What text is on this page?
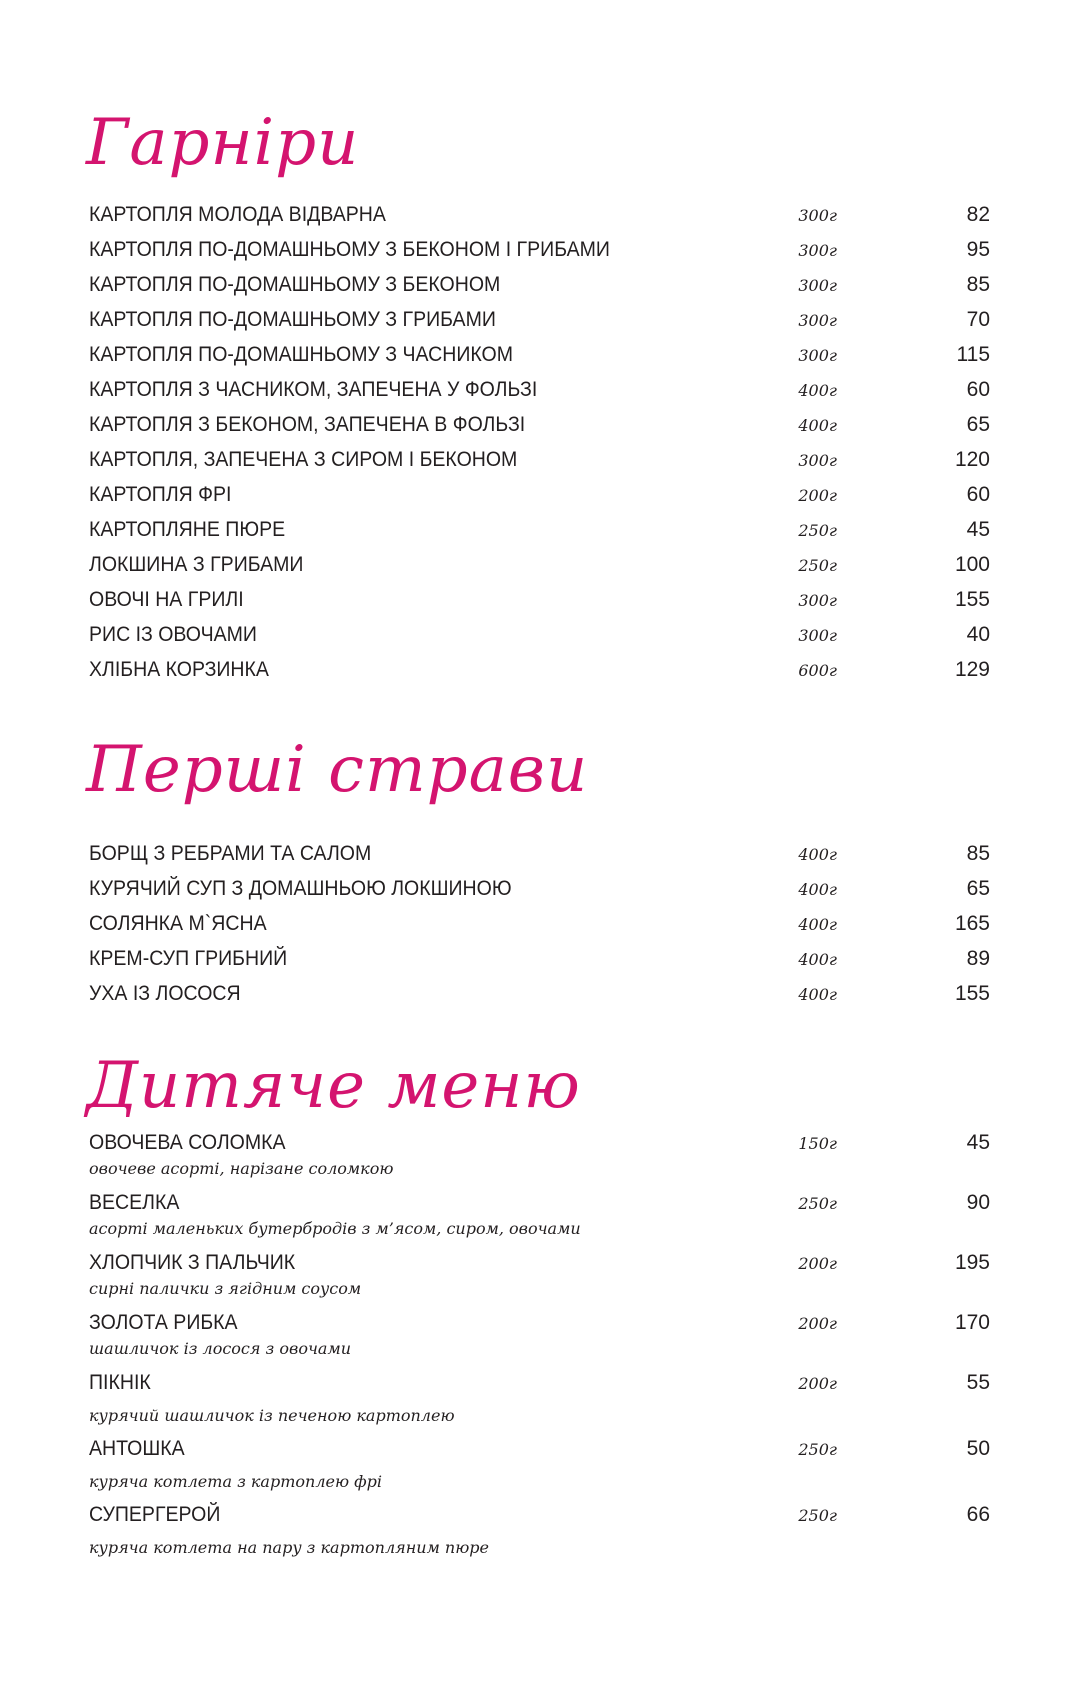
Гарніри
КАРТОПЛЯ МОЛОДА ВІДВАРНА	300г	82
КАРТОПЛЯ ПО-ДОМАШНЬОМУ З БЕКОНОМ І ГРИБАМИ	300г	95
КАРТОПЛЯ ПО-ДОМАШНЬОМУ З БЕКОНОМ	300г	85
КАРТОПЛЯ ПО-ДОМАШНЬОМУ З ГРИБАМИ	300г	70
КАРТОПЛЯ ПО-ДОМАШНЬОМУ З ЧАСНИКОМ	300г	115
КАРТОПЛЯ З ЧАСНИКОМ, ЗАПЕЧЕНА У ФОЛЬЗІ	400г	60
КАРТОПЛЯ З БЕКОНОМ, ЗАПЕЧЕНА В ФОЛЬЗІ	400г	65
КАРТОПЛЯ, ЗАПЕЧЕНА З СИРОМ І БЕКОНОМ	300г	120
КАРТОПЛЯ ФРІ	200г	60
КАРТОПЛЯНЕ ПЮРЕ	250г	45
ЛОКШИНА З ГРИБАМИ	250г	100
ОВОЧІ НА ГРИЛІ	300г	155
РИС ІЗ ОВОЧАМИ	300г	40
ХЛІБНА КОРЗИНКА	600г	129
Перші страви
БОРЩ З РЕБРАМИ ТА САЛОМ	400г	85
КУРЯЧИЙ СУП З ДОМАШНЬОЮ ЛОКШИНОЮ	400г	65
СОЛЯНКА М`ЯСНА	400г	165
КРЕМ-СУП ГРИБНИЙ	400г	89
УХА ІЗ ЛОСОСЯ	400г	155
Дитяче меню
ОВОЧЕВА СОЛОМКА	150г	45
овочеве асорті, нарізане соломкою
ВЕСЕЛКА	250г	90
асорті маленьких бутербродів з м’ясом, сиром, овочами
ХЛОПЧИК З ПАЛЬЧИК	200г	195
сирні палички з ягідним соусом
ЗОЛОТА РИБКА	200г	170
шашличок із лосося з овочами
ПІКНІК	200г	55
курячий шашличок із печеною картоплею
АНТОШКА	250г	50
куряча котлета з картоплею фрі
СУПЕРГЕРОЙ	250г	66
куряча котлета на пару з картопляним пюре
